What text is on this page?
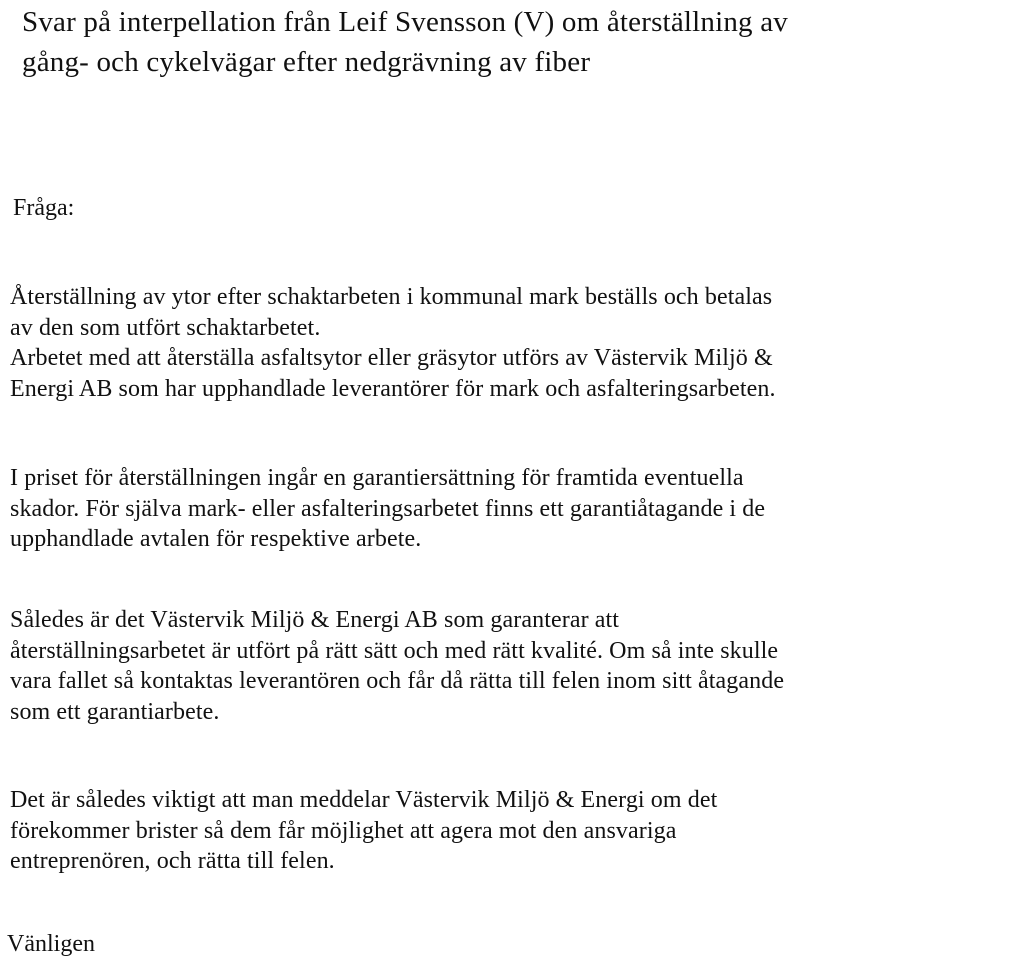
Svar på interpellation från Leif Svensson (V) om återställning av
gång- och cykelvägar efter nedgrävning av fiber

Fråga:

Återställning av ytor efter schaktarbeten i kommunal mark beställs och betalas
av den som utfört schaktarbetet.
Arbetet med att återställa asfaltsytor eller gräsytor utförs av Västervik Miljö &
Energi AB som har upphandlade leverantörer för mark och asfalteringsarbeten.

I priset för återställningen ingår en garantiersättning för framtida eventuella
skador. För själva mark- eller asfalteringsarbetet finns ett garantiåtagande i de
upphandlade avtalen för respektive arbete.

Således är det Västervik Miljö & Energi AB som garanterar att
återställningsarbetet är utfört på rätt sätt och med rätt kvalité. Om så inte skulle
vara fallet så kontaktas leverantören och får då rätta till felen inom sitt åtagande
som ett garantiarbete.

Det är således viktigt att man meddelar Västervik Miljö & Energi om det
förekommer brister så dem får möjlighet att agera mot den ansvariga
entreprenören, och rätta till felen.

Vänligen
